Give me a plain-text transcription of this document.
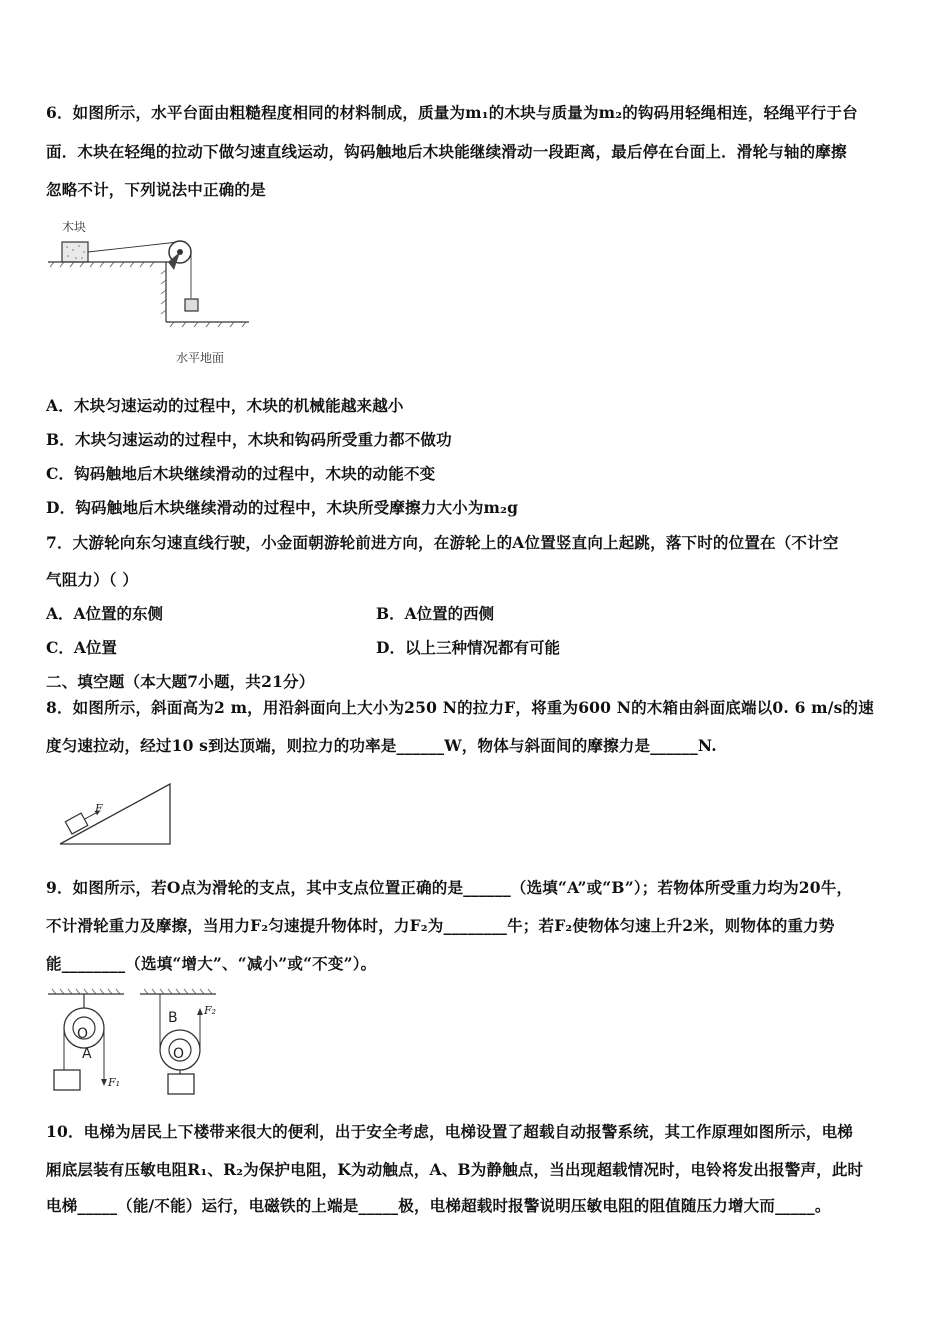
6．如图所示，水平台面由粗糙程度相同的材料制成，质量为m₁的木块与质量为m₂的钩码用轻绳相连，轻绳平行于台
面．木块在轻绳的拉动下做匀速直线运动，钩码触地后木块能继续滑动一段距离，最后停在台面上．滑轮与轴的摩擦
忽略不计，下列说法中正确的是
木块
水平地面
A．木块匀速运动的过程中，木块的机械能越来越小
B．木块匀速运动的过程中，木块和钩码所受重力都不做功
C．钩码触地后木块继续滑动的过程中，木块的动能不变
D．钩码触地后木块继续滑动的过程中，木块所受摩擦力大小为m₂g
7．大游轮向东匀速直线行驶，小金面朝游轮前进方向，在游轮上的A位置竖直向上起跳，落下时的位置在（不计空
气阻力）（ ）
A．A位置的东侧	B．A位置的西侧
C．A位置	D．以上三种情况都有可能
二、填空题（本大题7小题，共21分）
8．如图所示，斜面高为2 m，用沿斜面向上大小为250 N的拉力F，将重为600 N的木箱由斜面底端以0. 6 m/s的速
度匀速拉动，经过10 s到达顶端，则拉力的功率是______W，物体与斜面间的摩擦力是______N.
F
9．如图所示，若O点为滑轮的支点，其中支点位置正确的是______（选填“A”或“B”）；若物体所受重力均为20牛，
不计滑轮重力及摩擦，当用力F₂匀速提升物体时，力F₂为________牛；若F₂使物体匀速上升2米，则物体的重力势
能________（选填“增大”、“减小”或“不变”）。
O
A
F₁
B
O
F₂
10．电梯为居民上下楼带来很大的便利，出于安全考虑，电梯设置了超载自动报警系统，其工作原理如图所示，电梯
厢底层装有压敏电阻R₁、R₂为保护电阻，K为动触点，A、B为静触点，当出现超载情况时，电铃将发出报警声，此时
电梯_____（能/不能）运行，电磁铁的上端是_____极，电梯超载时报警说明压敏电阻的阻值随压力增大而_____。
